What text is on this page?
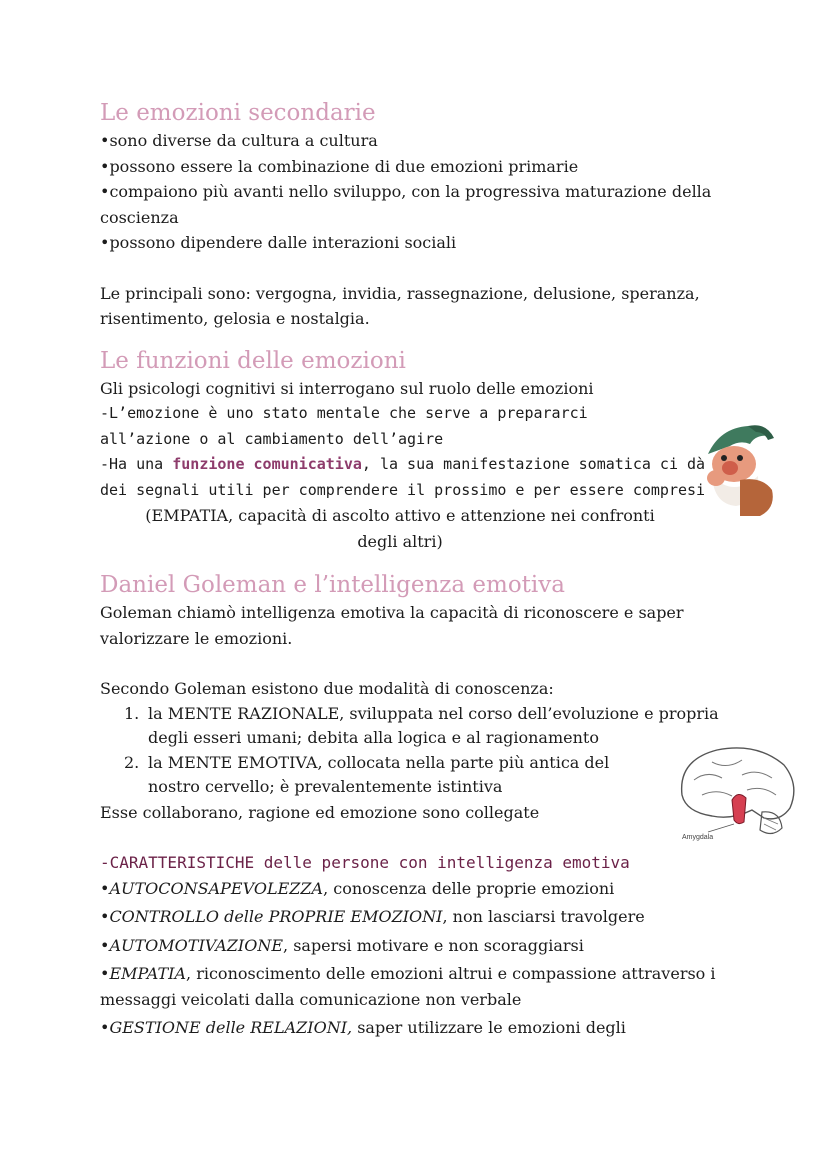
Le emozioni secondarie

•sono diverse da cultura a cultura

•possono essere la combinazione di due emozioni primarie

•compaiono più avanti nello sviluppo, con la progressiva maturazione della coscienza

•possono dipendere dalle interazioni sociali

Le principali sono: vergogna, invidia, rassegnazione, delusione, speranza, risentimento, gelosia e nostalgia.

Le funzioni delle emozioni

Gli psicologi cognitivi si interrogano sul ruolo delle emozioni

-L’emozione è uno stato mentale che serve a prepararci all’azione o al cambiamento dell’agire

-Ha una funzione comunicativa, la sua manifestazione somatica ci dà dei segnali utili per comprendere il prossimo e per essere compresi

(EMPATIA, capacità di ascolto attivo e attenzione nei confronti degli altri)

Daniel Goleman e l’intelligenza emotiva

Goleman chiamò intelligenza emotiva la capacità di riconoscere e saper valorizzare le emozioni.

Secondo Goleman esistono due modalità di conoscenza:

1. la MENTE RAZIONALE, sviluppata nel corso dell’evoluzione e propria degli esseri umani; debita alla logica e al ragionamento
2. la MENTE EMOTIVA, collocata nella parte più antica del nostro cervello; è prevalentemente istintiva

Esse collaborano, ragione ed emozione sono collegate

-CARATTERISTICHE delle persone con intelligenza emotiva

•AUTOCONSAPEVOLEZZA, conoscenza delle proprie emozioni

•CONTROLLO delle PROPRIE EMOZIONI, non lasciarsi travolgere

•AUTOMOTIVAZIONE, sapersi motivare e non scoraggiarsi

•EMPATIA, riconoscimento delle emozioni altrui e compassione attraverso i messaggi veicolati dalla comunicazione non verbale

•GESTIONE delle RELAZIONI, saper utilizzare le emozioni degli

Amygdala
